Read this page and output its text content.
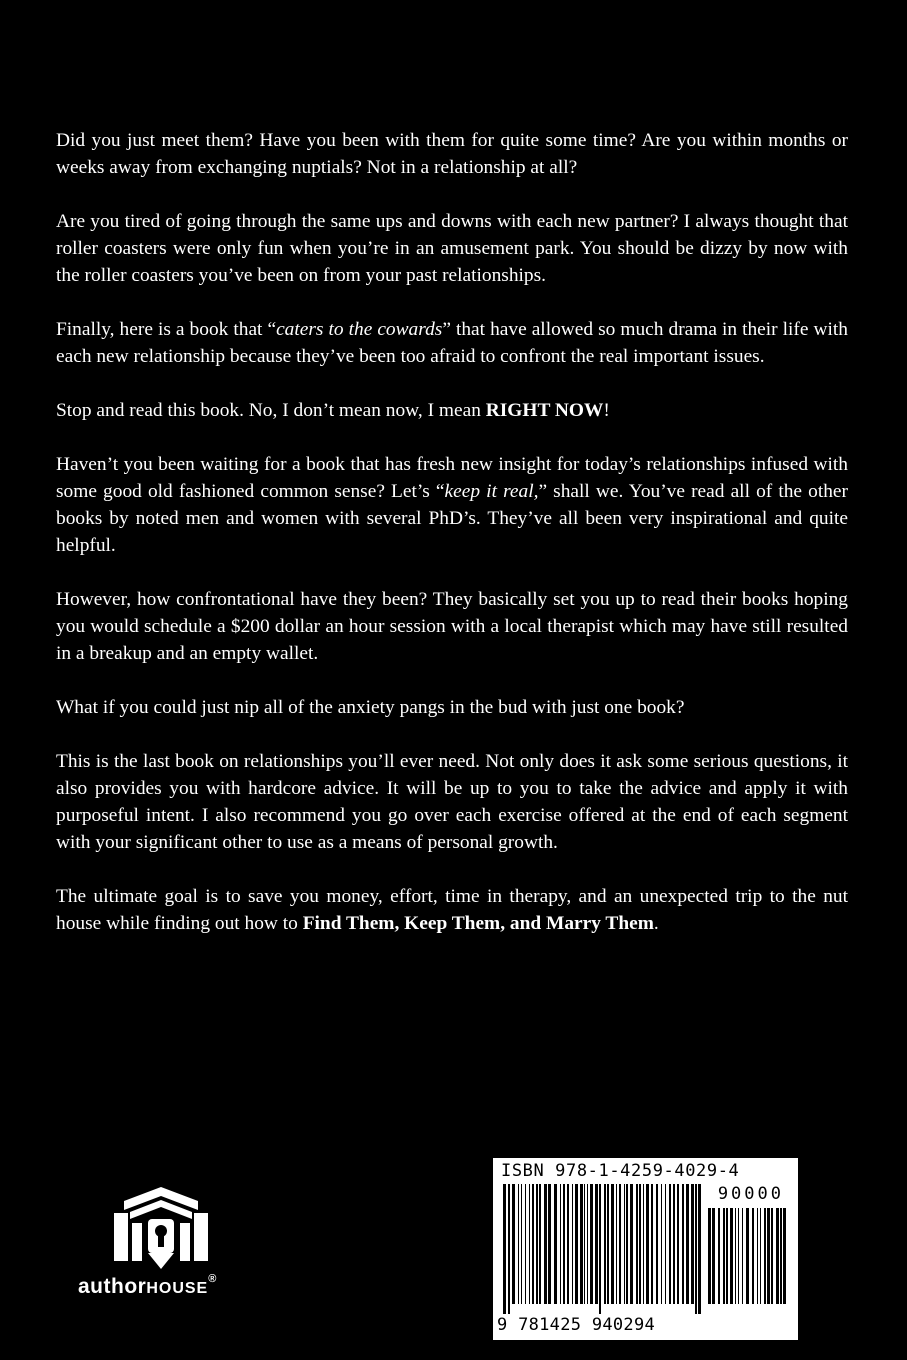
Did you just meet them? Have you been with them for quite some time? Are you within months or weeks away from exchanging nuptials? Not in a relationship at all?

Are you tired of going through the same ups and downs with each new partner? I always thought that roller coasters were only fun when you’re in an amusement park. You should be dizzy by now with the roller coasters you’ve been on from your past relationships.

Finally, here is a book that “caters to the cowards” that have allowed so much drama in their life with each new relationship because they’ve been too afraid to confront the real important issues.

Stop and read this book. No, I don’t mean now, I mean RIGHT NOW!

Haven’t you been waiting for a book that has fresh new insight for today’s relationships infused with some good old fashioned common sense? Let’s “keep it real,” shall we. You’ve read all of the other books by noted men and women with several PhD’s. They’ve all been very inspirational and quite helpful.

However, how confrontational have they been? They basically set you up to read their books hoping you would schedule a $200 dollar an hour session with a local therapist which may have still resulted in a breakup and an empty wallet.

What if you could just nip all of the anxiety pangs in the bud with just one book?

This is the last book on relationships you’ll ever need. Not only does it ask some serious questions, it also provides you with hardcore advice. It will be up to you to take the advice and apply it with purposeful intent. I also recommend you go over each exercise offered at the end of each segment with your significant other to use as a means of personal growth.

The ultimate goal is to save you money, effort, time in therapy, and an unexpected trip to the nut house while finding out how to Find Them, Keep Them, and Marry Them.

authorHOUSE®
ISBN 978-1-4259-4029-4
90000
9 781425 940294
